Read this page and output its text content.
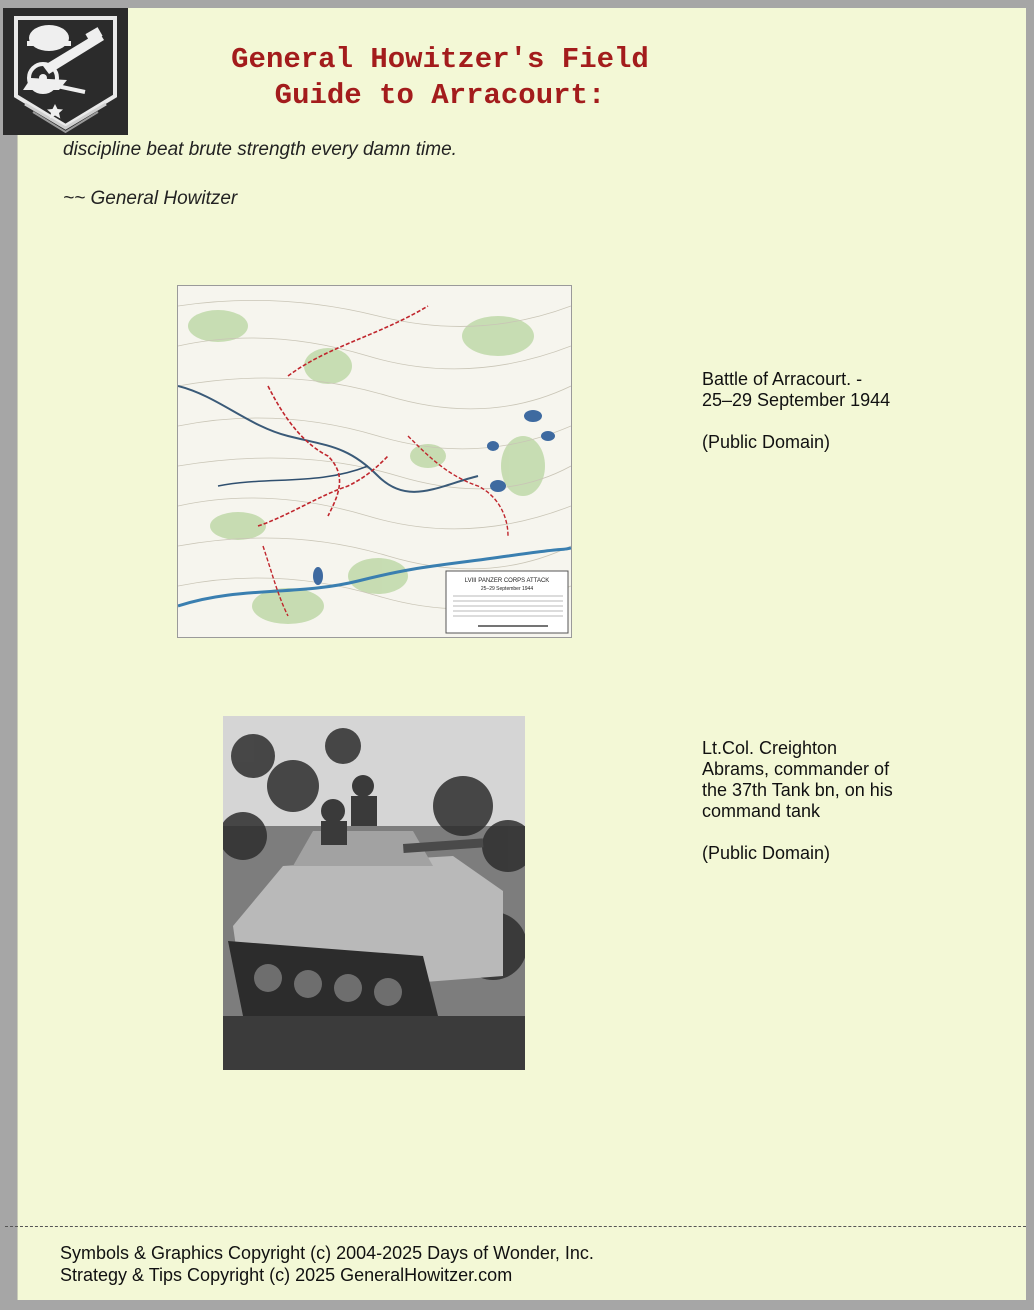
General Howitzer's Field
Guide to Arracourt:
discipline beat brute strength every damn time.
~~ General Howitzer
LVIII PANZER CORPS ATTACK
25–29 September 1944
Battle of Arracourt. -
25–29 September 1944
(Public Domain)
Lt.Col. Creighton
Abrams, commander of
the 37th Tank bn, on his
command tank
(Public Domain)
Symbols & Graphics Copyright (c) 2004-2025 Days of Wonder, Inc.
Strategy & Tips Copyright (c) 2025 GeneralHowitzer.com
